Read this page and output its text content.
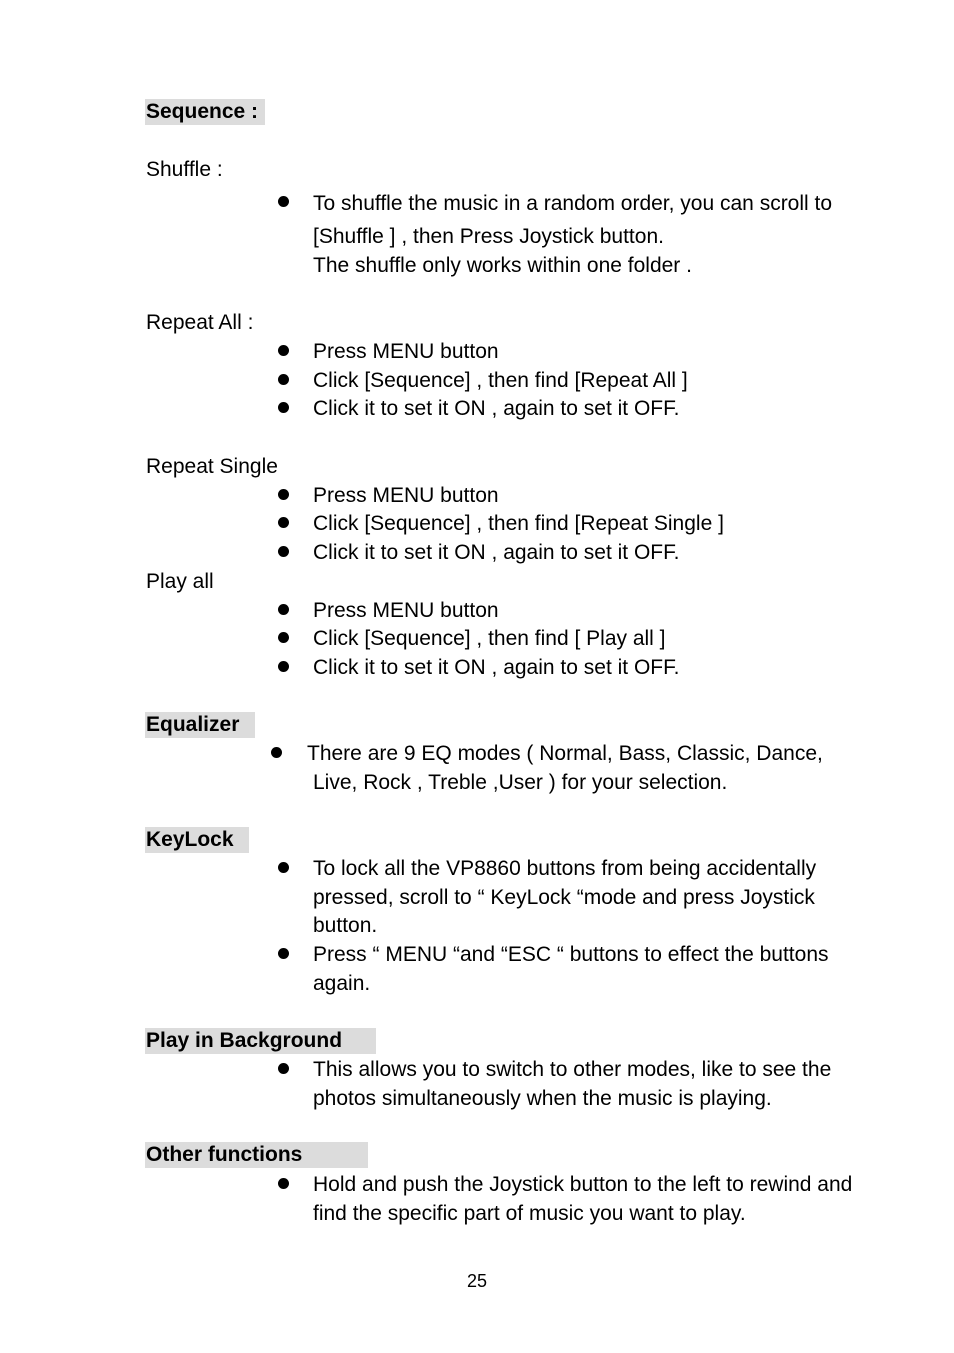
Sequence :
Shuffle :
To shuffle the music in a random order, you can scroll to
[Shuffle ] , then Press Joystick button.
The shuffle only works within one folder .
Repeat All :
Press MENU button
Click [Sequence] , then find [Repeat All ]
Click it to set it ON , again to set it OFF.
Repeat Single
Press MENU button
Click [Sequence] , then find [Repeat Single ]
Click it to set it ON , again to set it OFF.
Play all
Press MENU button
Click [Sequence] , then find [ Play all ]
Click it to set it ON , again to set it OFF.
Equalizer
There are 9 EQ modes ( Normal, Bass, Classic, Dance,
Live, Rock , Treble ,User ) for your selection.
KeyLock
To lock all the VP8860 buttons from being accidentally
pressed, scroll to “ KeyLock “mode and press Joystick
button.
Press “ MENU “and “ESC “ buttons to effect the buttons
again.
Play in Background
This allows you to switch to other modes, like to see the
photos simultaneously when the music is playing.
Other functions
Hold and push the Joystick button to the left to rewind and
find the specific part of music you want to play.
25
